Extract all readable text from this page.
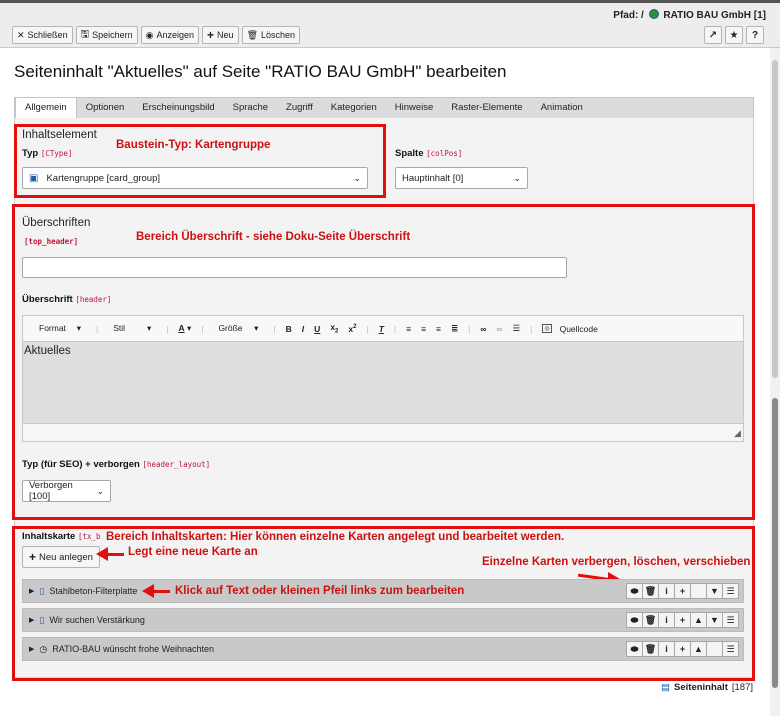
Pfad: / RATIO BAU GmbH [1]
✕ Schließen 🖫 Speichern ◉ Anzeigen + Neu 🗑 Löschen	↗	★	?
Seiteninhalt "Aktuelles" auf Seite "RATIO BAU GmbH" bearbeiten
Allgemein	Optionen	Erscheinungsbild	Sprache	Zugriff	Kategorien	Hinweise	Raster-Elemente	Animation
Inhaltselement
Typ [CType]
Baustein-Typ: Kartengruppe
▣ Kartengruppe [card_group]	⌄
Spalte [colPos]
Hauptinhalt [0]	⌄
Überschriften
[top_header]	Bereich Überschrift - siehe Doku-Seite Überschrift
Überschrift [header]
Format	▾	|	Stil	▾	|	A ▾	|	Größe	▾	|	B	I	U	$x_2$	$x^2$	|	T	|	≡	≡	≡	≣	|	∞	∞	☰	|	◎	Quellcode
Aktuelles
◢
Typ (für SEO) + verborgen [header_layout]
Verborgen [100]
⌄
Inhaltskarte [tx_b Bereich Inhaltskarten: Hier können einzelne Karten angelegt und bearbeitet werden.
+ Neu anlegen	Legt eine neue Karte an
Einzelne Karten verbergen, löschen, verschieben
▶ ▯ Stahlbeton-Filterplatte	⬬ 🗑	i	+	▼ ☰
Klick auf Text oder kleinen Pfeil links zum bearbeiten
▶ ▯ Wir suchen Verstärkung	⬬ 🗑	i	+ ▲ ▼ ☰
▶ ◷ RATIO-BAU wünscht frohe Weihnachten	⬬ 🗑	i	+ ▲	☰
▤ Seiteninhalt [187]
